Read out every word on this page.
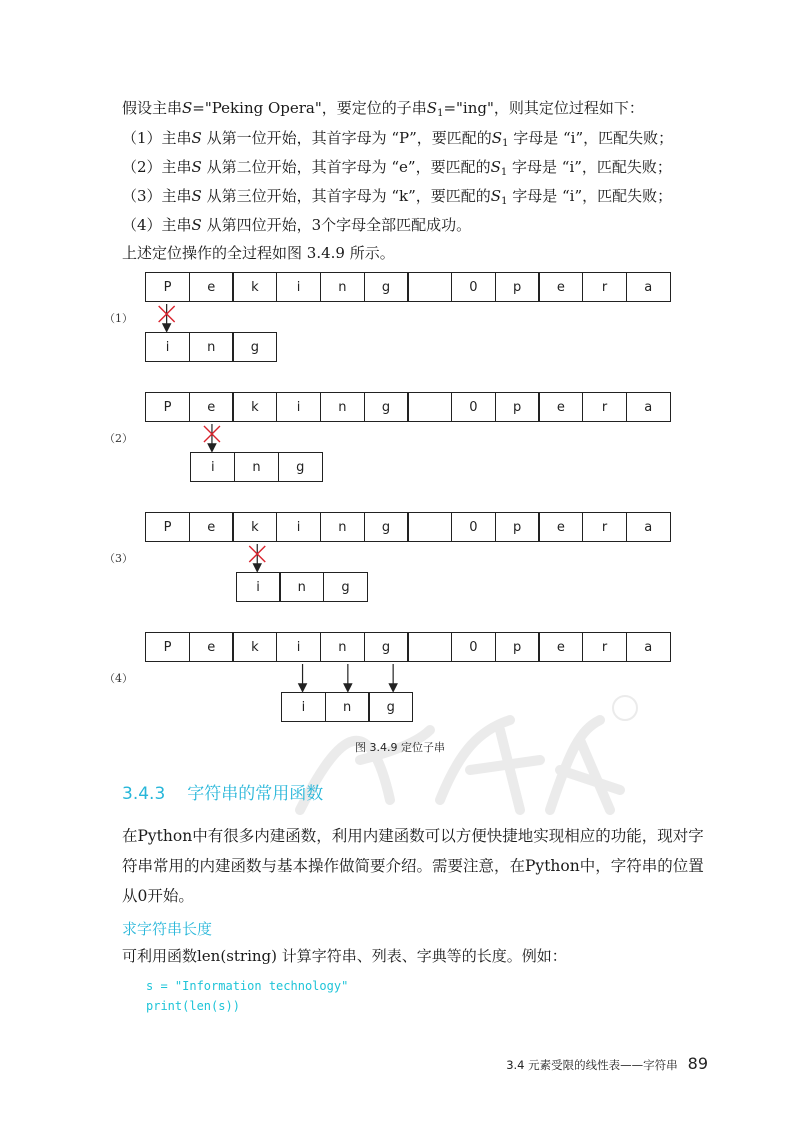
假设主串S="Peking Opera"，要定位的子串$S_1="ing$"，则其定位过程如下：
（1）主串S 从第一位开始，其首字母为 “P”，要匹配的$S_1$ 字母是 “i”，匹配失败；
（2）主串S 从第二位开始，其首字母为 “e”，要匹配的$S_1$ 字母是 “i”，匹配失败；
（3）主串S 从第三位开始，其首字母为 “k”，要匹配的$S_1$ 字母是 “i”，匹配失败；
（4）主串S 从第四位开始，3个字母全部匹配成功。
上述定位操作的全过程如图 3.4.9 所示。
（1）
P	e	k	i	n	g	0	p	e	r	a
i	n	g
（2）
P	e	k	i	n	g	0	p	e	r	a
i	n	g
（3）
P	e	k	i	n	g	0	p	e	r	a
i	n	g
（4）
P	e	k	i	n	g	0	p	e	r	a
i	n	g
图 3.4.9 定位子串
3.4.3 字符串的常用函数
在Python中有很多内建函数，利用内建函数可以方便快捷地实现相应的功能，现对字符串常用的内建函数与基本操作做简要介绍。需要注意，在Python中，字符串的位置从0开始。
求字符串长度
可利用函数len(string) 计算字符串、列表、字典等的长度。例如：
s = "Information technology"
print(len(s))
3.4 元素受限的线性表——字符串 89
